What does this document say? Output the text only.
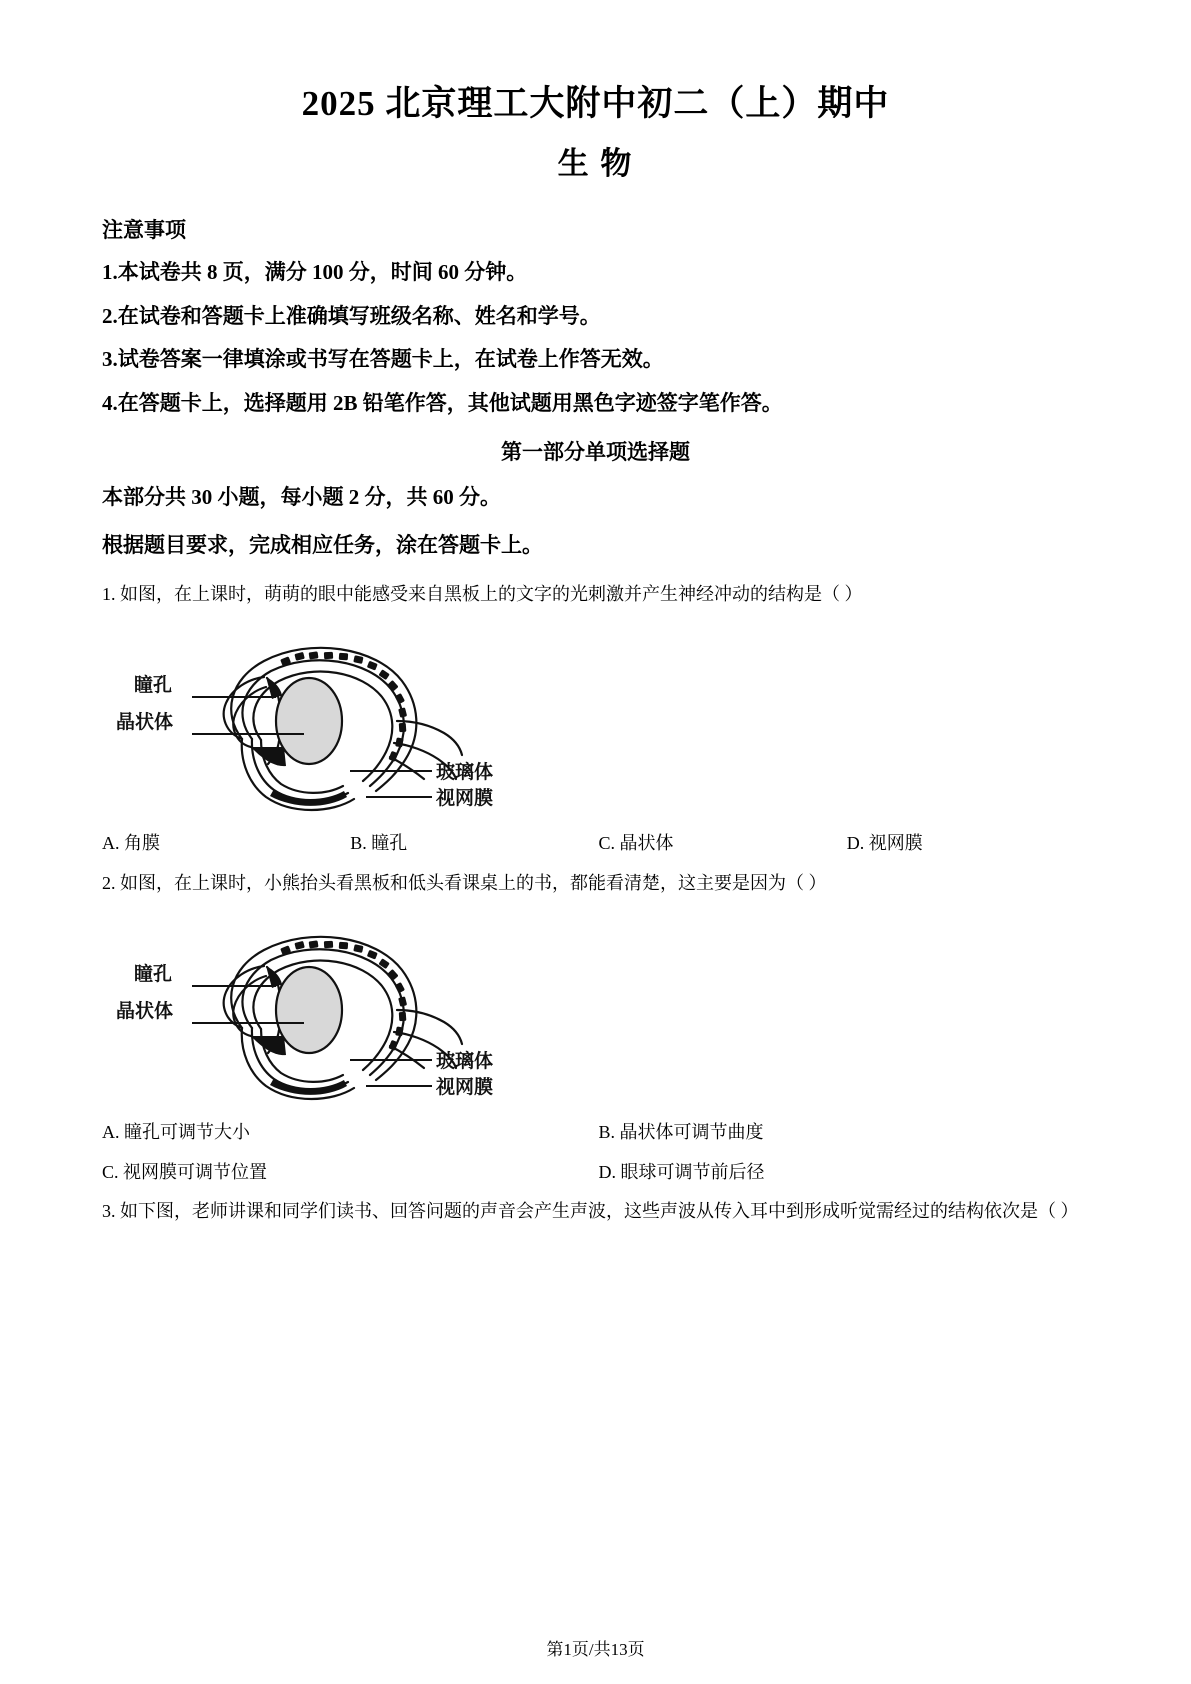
2025 北京理工大附中初二（上）期中
生 物

注意事项

1.本试卷共 8 页，满分 100 分，时间 60 分钟。

2.在试卷和答题卡上准确填写班级名称、姓名和学号。

3.试卷答案一律填涂或书写在答题卡上，在试卷上作答无效。

4.在答题卡上，选择题用 2B 铅笔作答，其他试题用黑色字迹签字笔作答。

第一部分单项选择题

本部分共 30 小题，每小题 2 分，共 60 分。

根据题目要求，完成相应任务，涂在答题卡上。

1. 如图，在上课时，萌萌的眼中能感受来自黑板上的文字的光刺激并产生神经冲动的结构是（ ）

瞳孔
晶状体
玻璃体
视网膜
A. 角膜	B. 瞳孔	C. 晶状体	D. 视网膜

2. 如图，在上课时，小熊抬头看黑板和低头看课桌上的书，都能看清楚，这主要是因为（ ）

瞳孔
晶状体
玻璃体
视网膜
A. 瞳孔可调节大小	B. 晶状体可调节曲度
C. 视网膜可调节位置	D. 眼球可调节前后径

3. 如下图，老师讲课和同学们读书、回答问题的声音会产生声波，这些声波从传入耳中到形成听觉需经过的结构依次是（ ）

第1页/共13页
